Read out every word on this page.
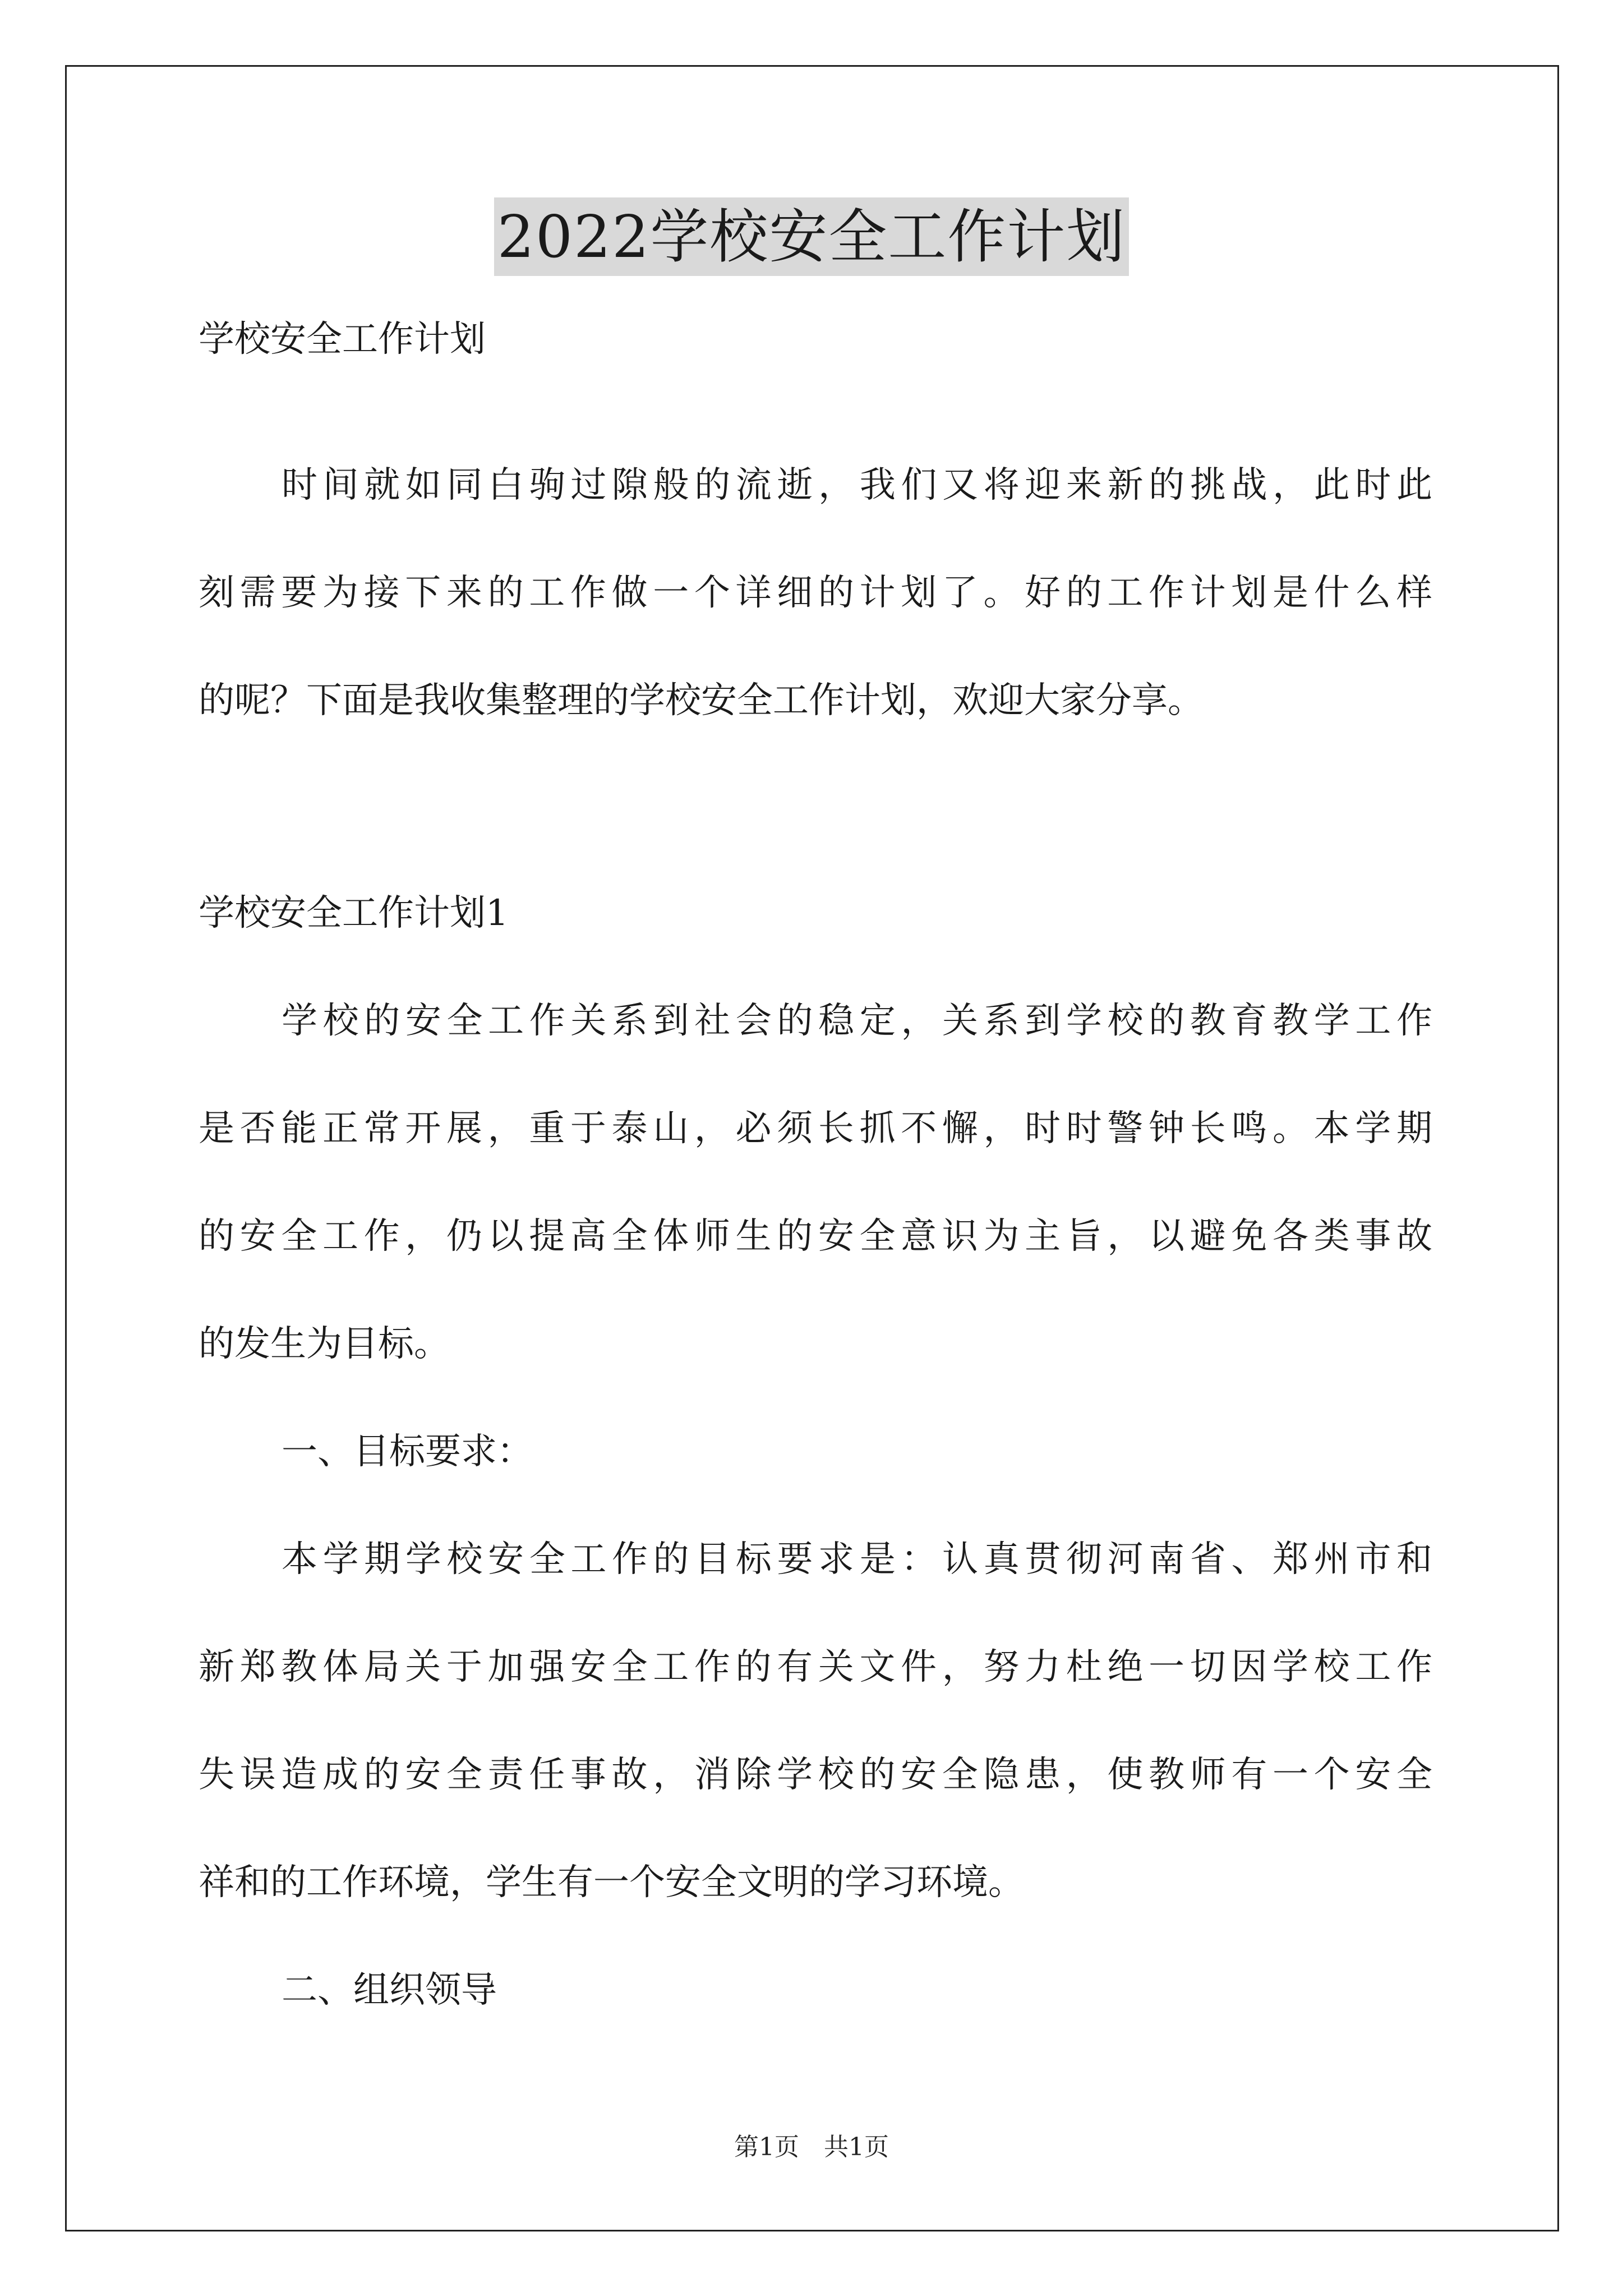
2022学校安全工作计划
学校安全工作计划
时间就如同白驹过隙般的流逝，我们又将迎来新的挑战，此时此
刻需要为接下来的工作做一个详细的计划了。好的工作计划是什么样
的呢？下面是我收集整理的学校安全工作计划，欢迎大家分享。
学校安全工作计划1
学校的安全工作关系到社会的稳定，关系到学校的教育教学工作
是否能正常开展，重于泰山，必须长抓不懈，时时警钟长鸣。本学期
的安全工作，仍以提高全体师生的安全意识为主旨，以避免各类事故
的发生为目标。
一、目标要求：
本学期学校安全工作的目标要求是：认真贯彻河南省、郑州市和
新郑教体局关于加强安全工作的有关文件，努力杜绝一切因学校工作
失误造成的安全责任事故，消除学校的安全隐患，使教师有一个安全
祥和的工作环境，学生有一个安全文明的学习环境。
二、组织领导
第1页 共1页
